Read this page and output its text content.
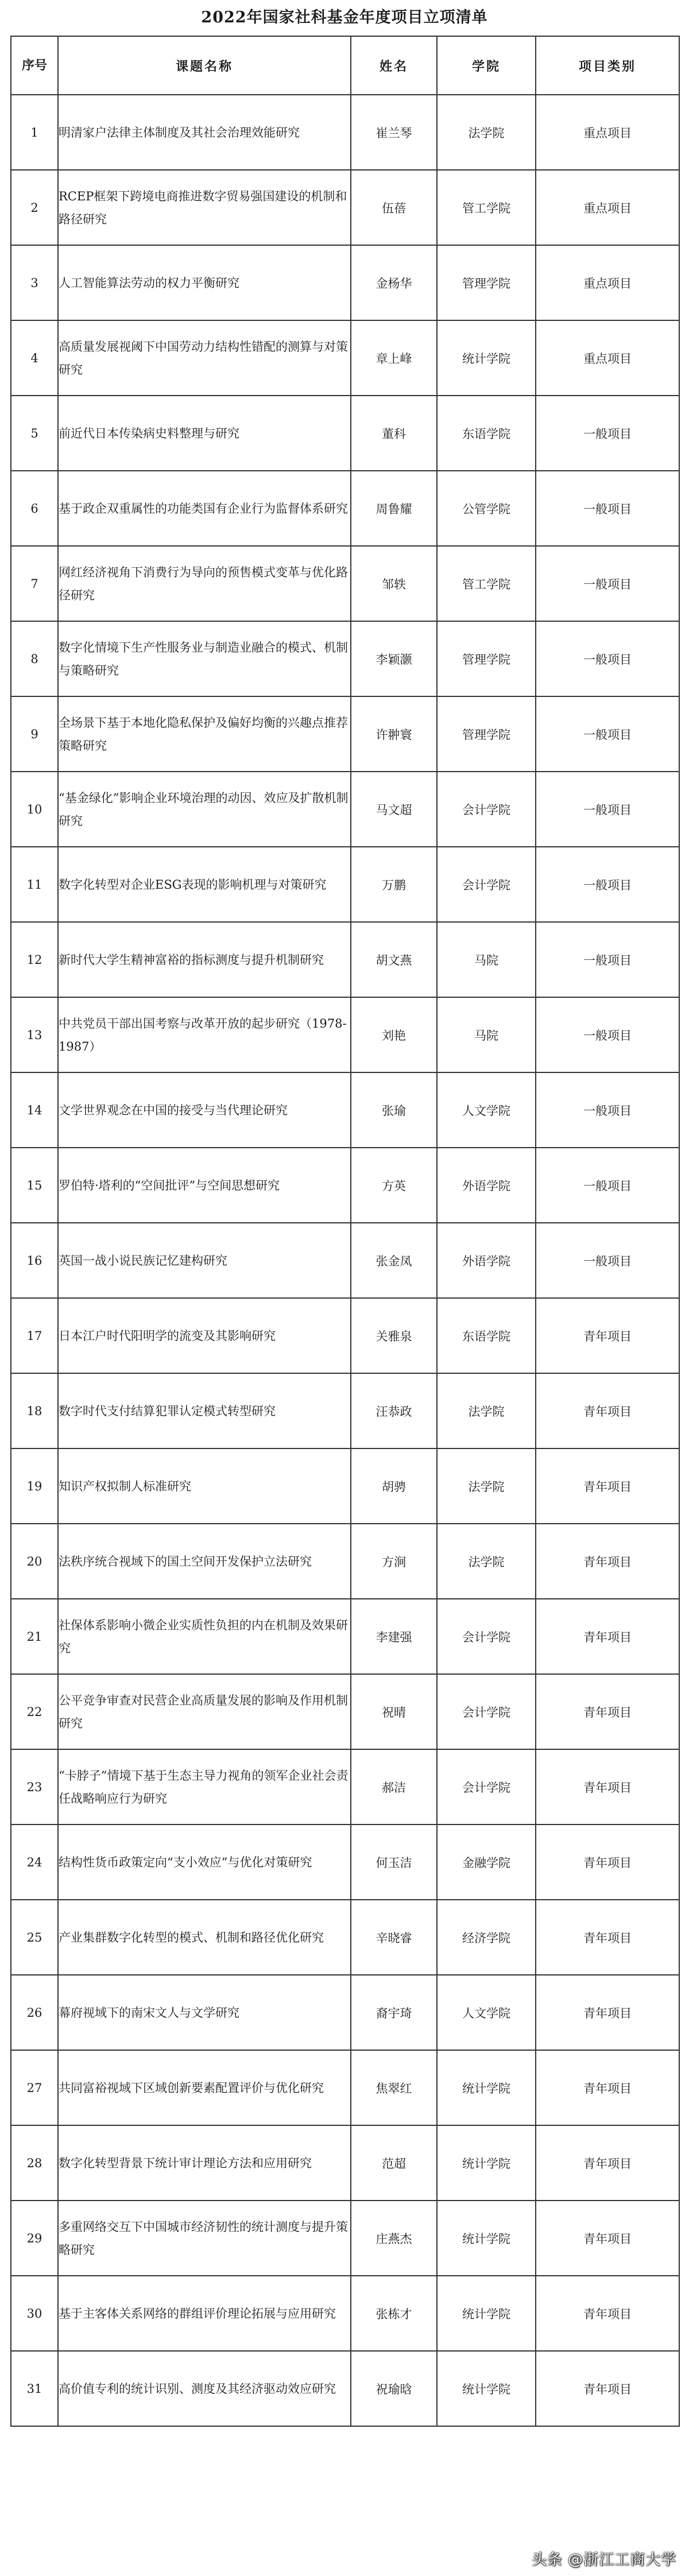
2022年国家社科基金年度项目立项清单
序号	课题名称	姓名	学院	项目类别
1	明清家户法律主体制度及其社会治理效能研究	崔兰琴	法学院	重点项目
2	RCEP框架下跨境电商推进数字贸易强国建设的机制和路径研究	伍蓓	管工学院	重点项目
3	人工智能算法劳动的权力平衡研究	金杨华	管理学院	重点项目
4	高质量发展视阈下中国劳动力结构性错配的测算与对策研究	章上峰	统计学院	重点项目
5	前近代日本传染病史料整理与研究	董科	东语学院	一般项目
6	基于政企双重属性的功能类国有企业行为监督体系研究	周鲁耀	公管学院	一般项目
7	网红经济视角下消费行为导向的预售模式变革与优化路径研究	邹轶	管工学院	一般项目
8	数字化情境下生产性服务业与制造业融合的模式、机制与策略研究	李颖灏	管理学院	一般项目
9	全场景下基于本地化隐私保护及偏好均衡的兴趣点推荐策略研究	许翀寰	管理学院	一般项目
10	“基金绿化”影响企业环境治理的动因、效应及扩散机制研究	马文超	会计学院	一般项目
11	数字化转型对企业ESG表现的影响机理与对策研究	万鹏	会计学院	一般项目
12	新时代大学生精神富裕的指标测度与提升机制研究	胡文燕	马院	一般项目
13	中共党员干部出国考察与改革开放的起步研究（1978-1987）	刘艳	马院	一般项目
14	文学世界观念在中国的接受与当代理论研究	张瑜	人文学院	一般项目
15	罗伯特·塔利的“空间批评”与空间思想研究	方英	外语学院	一般项目
16	英国一战小说民族记忆建构研究	张金凤	外语学院	一般项目
17	日本江户时代阳明学的流变及其影响研究	关雅泉	东语学院	青年项目
18	数字时代支付结算犯罪认定模式转型研究	汪恭政	法学院	青年项目
19	知识产权拟制人标准研究	胡骋	法学院	青年项目
20	法秩序统合视域下的国土空间开发保护立法研究	方涧	法学院	青年项目
21	社保体系影响小微企业实质性负担的内在机制及效果研究	李建强	会计学院	青年项目
22	公平竞争审查对民营企业高质量发展的影响及作用机制研究	祝晴	会计学院	青年项目
23	“卡脖子”情境下基于生态主导力视角的领军企业社会责任战略响应行为研究	郝洁	会计学院	青年项目
24	结构性货币政策定向“支小效应”与优化对策研究	何玉洁	金融学院	青年项目
25	产业集群数字化转型的模式、机制和路径优化研究	辛晓睿	经济学院	青年项目
26	幕府视域下的南宋文人与文学研究	裔宇琦	人文学院	青年项目
27	共同富裕视域下区域创新要素配置评价与优化研究	焦翠红	统计学院	青年项目
28	数字化转型背景下统计审计理论方法和应用研究	范超	统计学院	青年项目
29	多重网络交互下中国城市经济韧性的统计测度与提升策略研究	庄燕杰	统计学院	青年项目
30	基于主客体关系网络的群组评价理论拓展与应用研究	张栋才	统计学院	青年项目
31	高价值专利的统计识别、测度及其经济驱动效应研究	祝瑜晗	统计学院	青年项目
头条 @浙江工商大学
